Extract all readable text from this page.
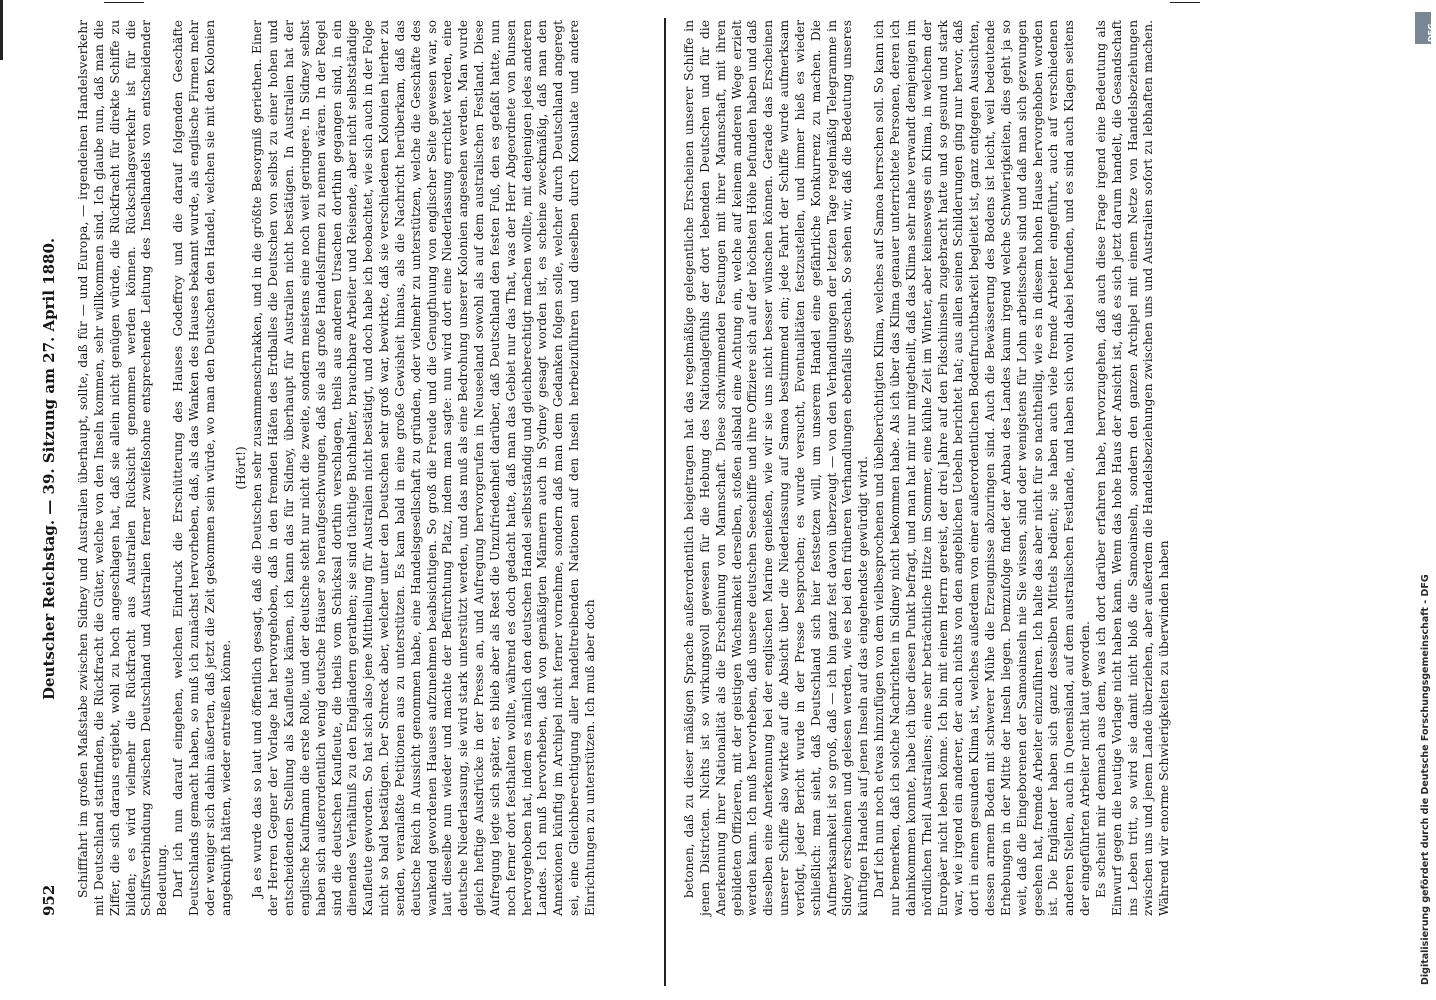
952
Deutscher Reichstag. — 39. Sitzung am 27. April 1880. Schifffahrt im großen Maßstabe zwischen Sidney und Australien überhaupt, sollte, daß für — und Europa, — irgendeinen Handelsverkehr mit Deutschland stattfinden, die Rückfracht die Güter, welche von den Inseln kommen, sehr willkommen sind. Ich glaube nun, daß man die Ziffer, die sich daraus ergiebt, wohl zu hoch angeschlagen hat, daß sie allein nicht genügen würde, die Rückfracht für direkte Schiffe zu bilden; es wird vielmehr die Rückfracht aus Australien Rücksicht genommen werden können. Rückschlagsverkehr ist für die Schiffsverbindung zwischen Deutschland und Australien ferner zweifelsohne entsprechende Leitung des Inselhandels von entscheidender Bedeutung. Darf ich nun darauf eingehen, welchen Eindruck die Erschütterung des Hauses Godeffroy und die darauf folgenden Geschäfte Deutschlands gemacht haben, so muß ich zunächst hervorheben, daß, als das Wanken des Hauses bekannt wurde, als englische Firmen mehr oder weniger sich dahin äußerten, daß jetzt die Zeit gekommen sein würde, wo man den Deutschen den Handel, welchen sie mit den Kolonien angeknüpft hätten, wieder entreißen könne.

(Hört!) Ja es wurde das so laut und öffentlich gesagt, daß die Deutschen sehr zusammenschrakken, und in die größte Besorgniß geriethen. Einer der Herren Gegner der Vorlage hat hervorgehoben, daß in den fremden Häfen des Erdballes die Deutschen von selbst zu einer hohen und entscheidenden Stellung als Kaufleute kämen, ich kann das für Sidney, überhaupt für Australien nicht bestätigen. In Australien hat der englische Kaufmann die erste Rolle, und der deutsche steht nur nicht die zweite, sondern meistens eine noch weit geringere. In Sidney selbst haben sich außerordentlich wenig deutsche Häuser so heraufgeschwungen, daß sie als große Handelsfirmen zu nennen wären. In der Regel sind die deutschen Kaufleute, die theils vom Schicksal dorthin verschlagen, theils aus anderen Ursachen dorthin gegangen sind, in ein dienendes Verhältniß zu den Engländern gerathen; sie sind tüchtige Buchhalter, brauchbare Arbeiter und Reisende, aber nicht selbstständige Kaufleute geworden. So hat sich also jene Mittheilung für Australien nicht bestätigt, und doch habe ich beobachtet, wie sich auch in der Folge nicht so bald bestätigen. Der Schreck aber, welcher unter den Deutschen sehr groß war, bewirkte, daß sie verschiedenen Kolonien hierher zu senden, veranlaßte Petitionen aus zu unterstützen. Es kam bald in eine große Gewisheit hinaus, als die Nachricht herüberkam, daß das deutsche Reich in Aussicht genommen habe, eine Handelsgesellschaft zu gründen, oder vielmehr zu unterstützen, welche die Geschäfte des wankend gewordenen Hauses aufzunehmen beabsichtigen. So groß die Freude und die Genugthuung von englischer Seite gewesen war, so laut dieselbe nun wieder und machte der Befürchtung Platz, indem man sagte: nun wird dort eine Niederlassung errichtet werden, eine deutsche Niederlassung, sie wird stark unterstützt werden, und das muß als eine Bedrohung unserer Kolonien angesehen werden. Man wurde gleich heftige Ausdrücke in der Presse an, und Aufregung hervorgerufen in Neuseeland sowohl als auf dem australischen Festland. Diese Aufregung legte sich später, es blieb aber als Rest die Unzufriedenheit darüber, daß Deutschland den festen Fuß, den es gefaßt hatte, nun noch ferner dort festhalten wollte, während es doch gedacht hatte, daß man das Gebiet nur das That, was der Herr Abgeordnete von Bunsen hervorgehoben hat, indem es nämlich den deutschen Handel selbstständig und gleichberechtigt machen wollte, mit denjenigen jedes anderen Landes. Ich muß hervorheben, daß von gemäßigten Männern auch in Sydney gesagt worden ist, es scheine zweckmäßig, daß man den Annexionen künftig im Archipel nicht ferner vornehme, sondern daß man dem Gedanken folgen solle, welcher durch Deutschland angeregt sei, eine Gleichberechtigung aller handeltreibenden Nationen auf den Inseln herbeizuführen und dieselben durch Konsulate und andere Einrichtungen zu unterstützen. Ich muß aber doch	betonen, daß zu dieser mäßigen Sprache außerordentlich beigetragen hat das regelmäßige gelegentliche Erscheinen unserer Schiffe in jenen Districten. Nichts ist so wirkungsvoll gewesen für die Hebung des Nationalgefühls der dort lebenden Deutschen und für die Anerkennung ihrer Nationalität als die Erscheinung von Mannschaft. Diese schwimmenden Festungen mit ihrer Mannschaft, mit ihren gebildeten Offizieren, mit der geistigen Wachsamkeit derselben, stoßen alsbald eine Achtung ein, welche auf keinem anderen Wege erzielt werden kann. Ich muß hervorheben, daß unsere deutschen Seeschiffe und ihre Offiziere sich auf der höchsten Höhe befunden haben und daß dieselben eine Anerkennung bei der englischen Marine genießen, wie wir sie uns nicht besser wünschen können. Gerade das Erscheinen unserer Schiffe also wirkte auf die Absicht über die Niederlassung auf Samoa bestimmend ein; jede Fahrt der Schiffe wurde aufmerksam verfolgt, jeder Bericht wurde in der Presse besprochen; es wurde versucht, Eventualitäten festzustellen, und immer hieß es wieder schließlich: man sieht, daß Deutschland sich hier festsetzen will, um unserem Handel eine gefährliche Konkurrenz zu machen. Die Aufmerksamkeit ist so groß, daß — ich bin ganz fest davon überzeugt — von den Verhandlungen der letzten Tage regelmäßig Telegramme in Sidney erscheinen und gelesen werden, wie es bei den früheren Verhandlungen ebenfalls geschah. So sehen wir, daß die Bedeutung unseres künftigen Handels auf jenen Inseln auf das eingehendste gewürdigt wird. Darf ich nun noch etwas hinzufügen von dem vielbesprochenen und übelberüchtigten Klima, welches auf Samoa herrschen soll. So kann ich nur bemerken, daß ich solche Nachrichten in Sidney nicht bekommen habe. Als ich über das Klima genauer unterrichtete Personen, deren ich dahinkommen konnte, habe ich über diesen Punkt befragt, und man hat mir nur mitgetheilt, daß das Klima sehr nahe verwandt demjenigen im nördlichen Theil Australiens; eine sehr beträchtliche Hitze im Sommer, eine kühle Zeit im Winter, aber keineswegs ein Klima, in welchem der Europäer nicht leben könne. Ich bin mit einem Herrn gereist, der drei Jahre auf den Fidschiinseln zugebracht hatte und so gesund und stark war, wie irgend ein anderer, der auch nichts von den angeblichen Uebeln berichtet hat; aus allen seinen Schilderungen ging nur hervor, daß dort in einem gesunden Klima ist, welches außerdem von einer außerordentlichen Bodenfruchtbarkeit begleitet ist, ganz entgegen Aussichten, dessen armem Boden mit schwerer Mühe die Erzeugnisse abzuringen sind. Auch die Bewässerung des Bodens ist leicht, weil bedeutende Erhebungen in der Mitte der Inseln liegen. Demzufolge findet der Anbau des Landes kaum irgend welche Schwierigkeiten, dies geht ja so weit, daß die Eingeborenen der Samoainseln nie Sie wissen, sind oder wenigstens für Lohn arbeitsscheu sind und daß man sich gezwungen gesehen hat, fremde Arbeiter einzuführen. Ich halte das aber nicht für so nachtheilig, wie es in diesem hohen Hause hervorgehoben worden ist. Die Engländer haben sich ganz desselben Mittels bedient; sie haben auch viele fremde Arbeiter eingeführt, auch auf verschiedenen anderen Stellen, auch in Queensland, auf dem australischen Festlande, und haben sich wohl dabei befunden, und es sind auch Klagen seitens der eingeführten Arbeiter nicht laut geworden. Es scheint mir demnach aus dem, was ich dort darüber erfahren habe, hervorzugehen, daß auch diese Frage irgend eine Bedeutung als Einwurf gegen die heutige Vorlage nicht haben kann. Wenn das hohe Haus der Ansicht ist, daß es sich jetzt darum handelt, die Gesandschaft ins Leben tritt, so wird sie damit nicht bloß die Samoainseln, sondern den ganzen Archipel mit einem Netze von Handelsbeziehungen zwischen uns und jenem Lande überziehen, aber außerdem die Handelsbeziehungen zwischen uns und Australien sofort zu lebhaften machen. Während wir enorme Schwierigkeiten zu überwinden haben

DFG
Digitalisierung gefördert durch die Deutsche Forschungsgemeinschaft - DFG
